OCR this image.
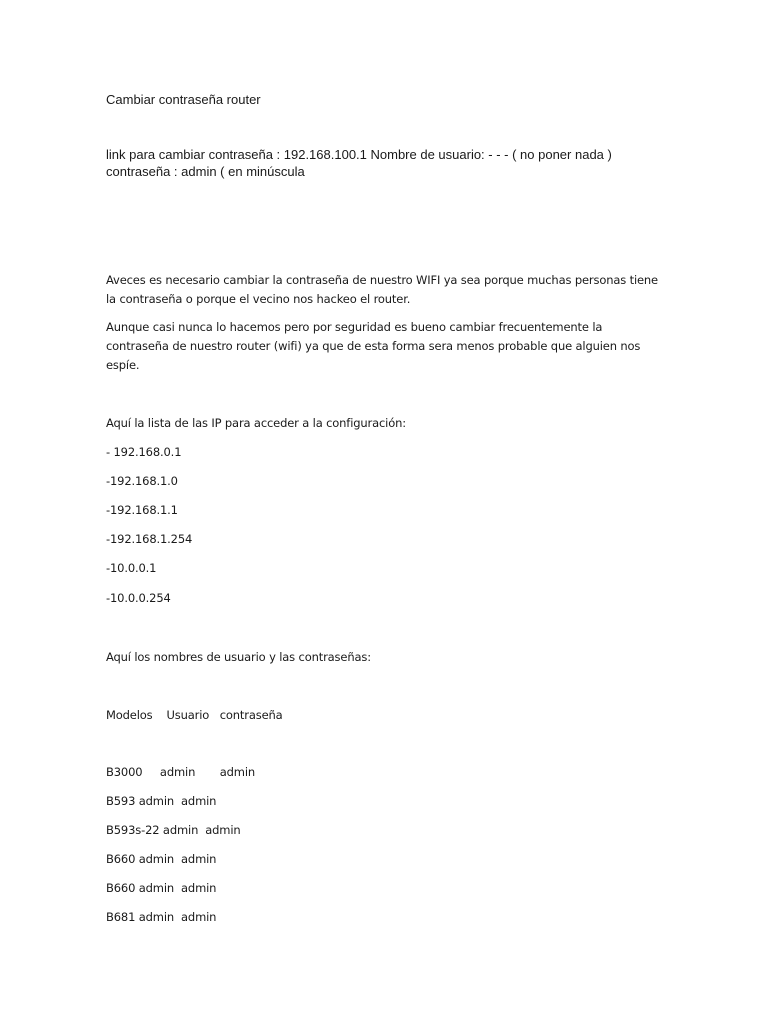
Cambiar contraseña router

link para cambiar contraseña : 192.168.100.1 Nombre de usuario: - - - ( no poner nada )
contraseña : admin ( en minúscula

Aveces es necesario cambiar la contraseña de nuestro WIFI ya sea porque muchas personas tiene la contraseña o porque el vecino nos hackeo el router.

Aunque casi nunca lo hacemos pero por seguridad es bueno cambiar frecuentemente la contraseña de nuestro router (wifi) ya que de esta forma sera menos probable que alguien nos espíe.

Aquí la lista de las IP para acceder a la configuración:

- 192.168.0.1

-192.168.1.0

-192.168.1.1

-192.168.1.254

-10.0.0.1

-10.0.0.254

Aquí los nombres de usuario y las contraseñas:

Modelos    Usuario   contraseña

B3000     admin       admin

B593 admin  admin

B593s-22 admin  admin

B660 admin  admin

B660 admin  admin

B681 admin  admin
